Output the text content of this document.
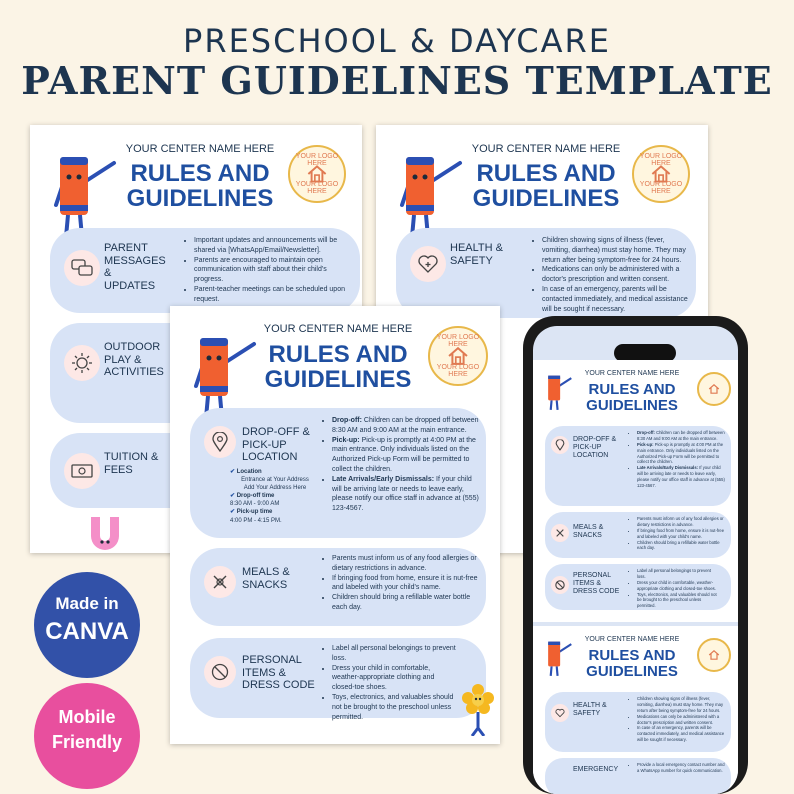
PRESCHOOL & DAYCARE
PARENT GUIDELINES TEMPLATE
YOUR CENTER NAME HERE
RULES AND
GUIDELINES
YOUR LOGO HERE
YOUR LOGO HERE
PARENT MESSAGES & UPDATES
• Important updates and announcements will be shared via [WhatsApp/Email/Newsletter].
• Parents are encouraged to maintain open communication with staff about their child's progress.
• Parent-teacher meetings can be scheduled upon request.
OUTDOOR PLAY & ACTIVITIES
TUITION & FEES
YOUR CENTER NAME HERE
RULES AND
GUIDELINES
YOUR LOGO HERE
YOUR LOGO HERE
HEALTH & SAFETY
• Children showing signs of illness (fever, vomiting, diarrhea) must stay home. They may return after being symptom-free for 24 hours.
• Medications can only be administered with a doctor's prescription and written consent.
• In case of an emergency, parents will be contacted immediately, and medical assistance will be sought if necessary.
YOUR CENTER NAME HERE
RULES AND
GUIDELINES
YOUR LOGO HERE
YOUR LOGO HERE
DROP-OFF & PICK-UP LOCATION
✔ Location
Entrance at Your Address
Add Your Address Here
✔ Drop-off time
8:30 AM - 9:00 AM
✔ Pick-up time
4:00 PM - 4:15 PM.
• Drop-off: Children can be dropped off between 8:30 AM and 9:00 AM at the main entrance.
• Pick-up: Pick-up is promptly at 4:00 PM at the main entrance. Only individuals listed on the Authorized Pick-up Form will be permitted to collect the children.
• Late Arrivals/Early Dismissals: If your child will be arriving late or needs to leave early, please notify our office staff in advance at (555) 123-4567.
MEALS & SNACKS
• Parents must inform us of any food allergies or dietary restrictions in advance.
• If bringing food from home, ensure it is nut-free and labeled with your child's name.
• Children should bring a refillable water bottle each day.
PERSONAL ITEMS & DRESS CODE
• Label all personal belongings to prevent loss.
• Dress your child in comfortable, weather-appropriate clothing and closed-toe shoes.
• Toys, electronics, and valuables should not be brought to the preschool unless permitted.
Made in
CANVA
Mobile
Friendly
YOUR CENTER NAME HERE
RULES AND
GUIDELINES
DROP-OFF & PICK-UP LOCATION
• Drop-off: Children can be dropped off between 8:30 AM and 9:00 AM at the main entrance.
• Pick-up: Pick-up is promptly at 4:00 PM at the main entrance. Only individuals listed on the Authorized Pick-up Form will be permitted to collect the children.
• Late Arrivals/Early Dismissals: If your child will be arriving late or needs to leave early, please notify our office staff in advance at (555) 123-4567.
MEALS & SNACKS
• Parents must inform us of any food allergies or dietary restrictions in advance.
• If bringing food from home, ensure it is nut-free and labeled with your child's name.
• Children should bring a refillable water bottle each day.
PERSONAL ITEMS & DRESS CODE
• Label all personal belongings to prevent loss.
• Dress your child in comfortable, weather-appropriate clothing and closed-toe shoes.
• Toys, electronics, and valuables should not be brought to the preschool unless permitted.
YOUR CENTER NAME HERE
RULES AND
GUIDELINES
HEALTH & SAFETY
• Children showing signs of illness (fever, vomiting, diarrhea) must stay home. They may return after being symptom-free for 24 hours.
• Medications can only be administered with a doctor's prescription and written consent.
• In case of an emergency, parents will be contacted immediately, and medical assistance will be sought if necessary.
EMERGENCY
• Provide a local emergency contact number and a WhatsApp number for quick communication.
